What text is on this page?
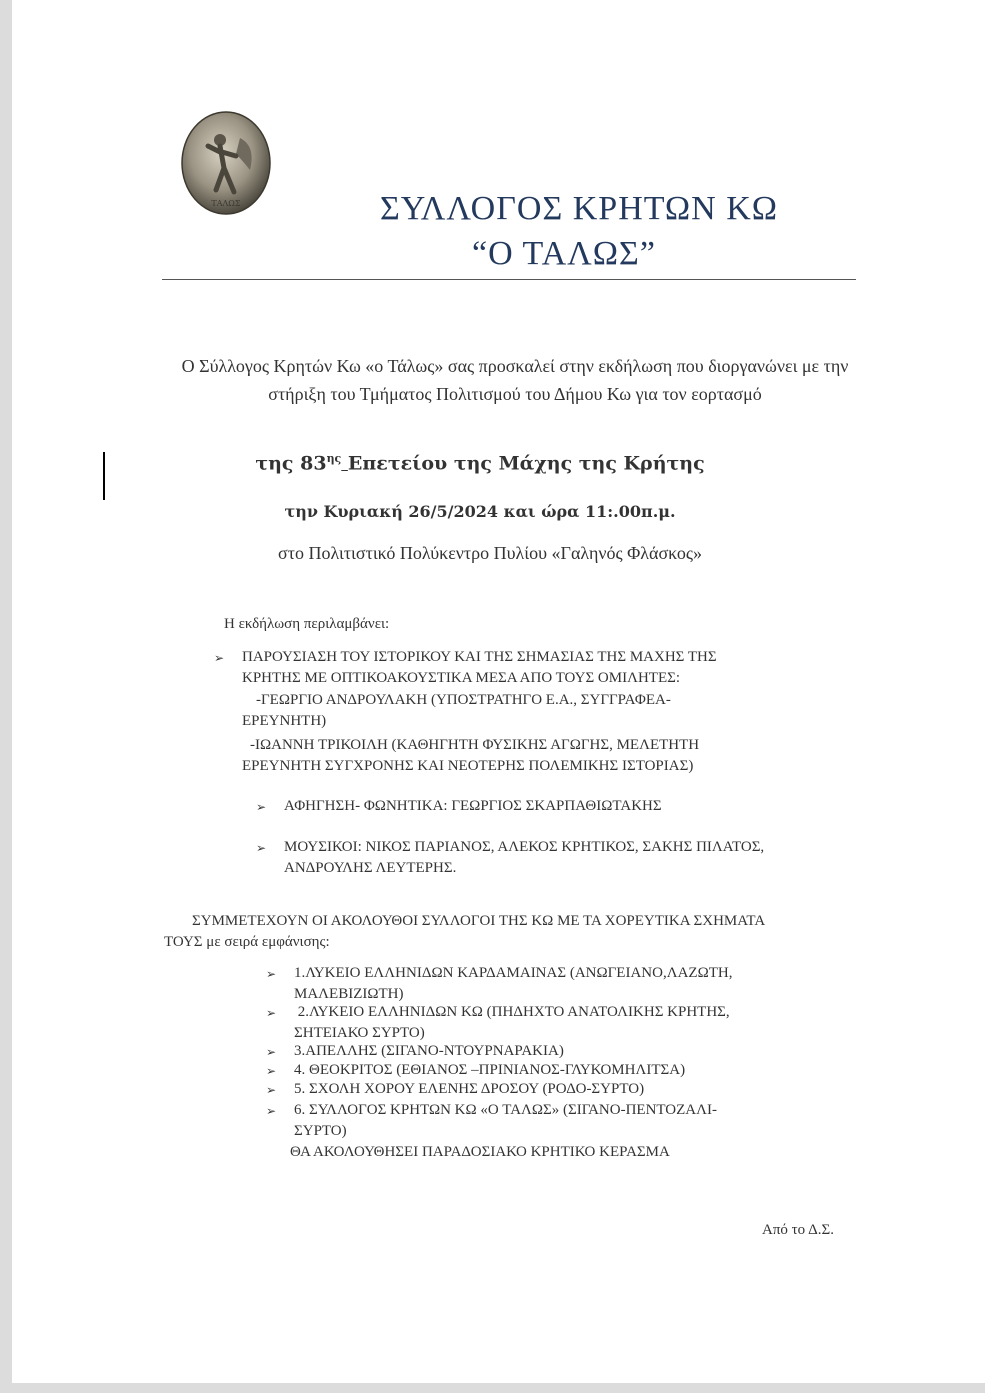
ΤΑΛΩΣ	ΣΥΛΛΟΓΟΣ ΚΡΗΤΩΝ ΚΩ
“Ο ΤΑΛΩΣ”
Ο Σύλλογος Κρητών Κω «ο Τάλως» σας προσκαλεί στην εκδήλωση που διοργανώνει με την στήριξη του Τμήματος Πολιτισμού του Δήμου Κω για τον εορτασμό
της $83^{\eta\varsigma}$ Επετείου της Μάχης της Κρήτης
την Κυριακή 26/5/2024 και ώρα 11:.00π.μ.
στο Πολιτιστικό Πολύκεντρο Πυλίου «Γαληνός Φλάσκος»
Η εκδήλωση περιλαμβάνει:
➢ ΠΑΡΟΥΣΙΑΣΗ ΤΟΥ ΙΣΤΟΡΙΚΟΥ ΚΑΙ ΤΗΣ ΣΗΜΑΣΙΑΣ ΤΗΣ ΜΑΧΗΣ ΤΗΣ
ΚΡΗΤΗΣ ΜΕ ΟΠΤΙΚΟΑΚΟΥΣΤΙΚΑ ΜΕΣΑ ΑΠΟ ΤΟΥΣ ΟΜΙΛΗΤΕΣ:
-ΓΕΩΡΓΙΟ ΑΝΔΡΟΥΛΑΚΗ (ΥΠΟΣΤΡΑΤΗΓΟ Ε.Α., ΣΥΓΓΡΑΦΕΑ-
ΕΡΕΥΝΗΤΗ)
-ΙΩΑΝΝΗ ΤΡΙΚΟΙΛΗ (ΚΑΘΗΓΗΤΗ ΦΥΣΙΚΗΣ ΑΓΩΓΗΣ, ΜΕΛΕΤΗΤΗ
ΕΡΕΥΝΗΤΗ ΣΥΓΧΡΟΝΗΣ ΚΑΙ ΝΕΟΤΕΡΗΣ ΠΟΛΕΜΙΚΗΣ ΙΣΤΟΡΙΑΣ)
➢ ΑΦΗΓΗΣΗ- ΦΩΝΗΤΙΚΑ: ΓΕΩΡΓΙΟΣ ΣΚΑΡΠΑΘΙΩΤΑΚΗΣ
➢ ΜΟΥΣΙΚΟΙ: ΝΙΚΟΣ ΠΑΡΙΑΝΟΣ, ΑΛΕΚΟΣ ΚΡΗΤΙΚΟΣ, ΣΑΚΗΣ ΠΙΛΑΤΟΣ,
ΑΝΔΡΟΥΛΗΣ ΛΕΥΤΕΡΗΣ.
ΣΥΜΜΕΤΕΧΟΥΝ ΟΙ ΑΚΟΛΟΥΘΟΙ ΣΥΛΛΟΓΟΙ ΤΗΣ ΚΩ ΜΕ ΤΑ ΧΟΡΕΥΤΙΚΑ ΣΧΗΜΑΤΑ
ΤΟΥΣ με σειρά εμφάνισης:
➢ 1.ΛΥΚΕΙΟ ΕΛΛΗΝΙΔΩΝ ΚΑΡΔΑΜΑΙΝΑΣ (ΑΝΩΓΕΙΑΝΟ,ΛΑΖΩΤΗ,
ΜΑΛΕΒΙΖΙΩΤΗ)
➢ 2.ΛΥΚΕΙΟ ΕΛΛΗΝΙΔΩΝ ΚΩ (ΠΗΔΗΧΤΟ ΑΝΑΤΟΛΙΚΗΣ ΚΡΗΤΗΣ,
ΣΗΤΕΙΑΚΟ ΣΥΡΤΟ)
➢ 3.ΑΠΕΛΛΗΣ (ΣΙΓΑΝΟ-ΝΤΟΥΡΝΑΡΑΚΙΑ)
➢ 4. ΘΕΟΚΡΙΤΟΣ (ΕΘΙΑΝΟΣ –ΠΡΙΝΙΑΝΟΣ-ΓΛΥΚΟΜΗΛΙΤΣΑ)
➢ 5. ΣΧΟΛΗ ΧΟΡΟΥ ΕΛΕΝΗΣ ΔΡΟΣΟΥ (ΡΟΔΟ-ΣΥΡΤΟ)
➢ 6. ΣΥΛΛΟΓΟΣ ΚΡΗΤΩΝ ΚΩ «Ο ΤΑΛΩΣ» (ΣΙΓΑΝΟ-ΠΕΝΤΟΖΑΛΙ-
ΣΥΡΤΟ)
ΘΑ ΑΚΟΛΟΥΘΗΣΕΙ ΠΑΡΑΔΟΣΙΑΚΟ ΚΡΗΤΙΚΟ ΚΕΡΑΣΜΑ
Από το Δ.Σ.
